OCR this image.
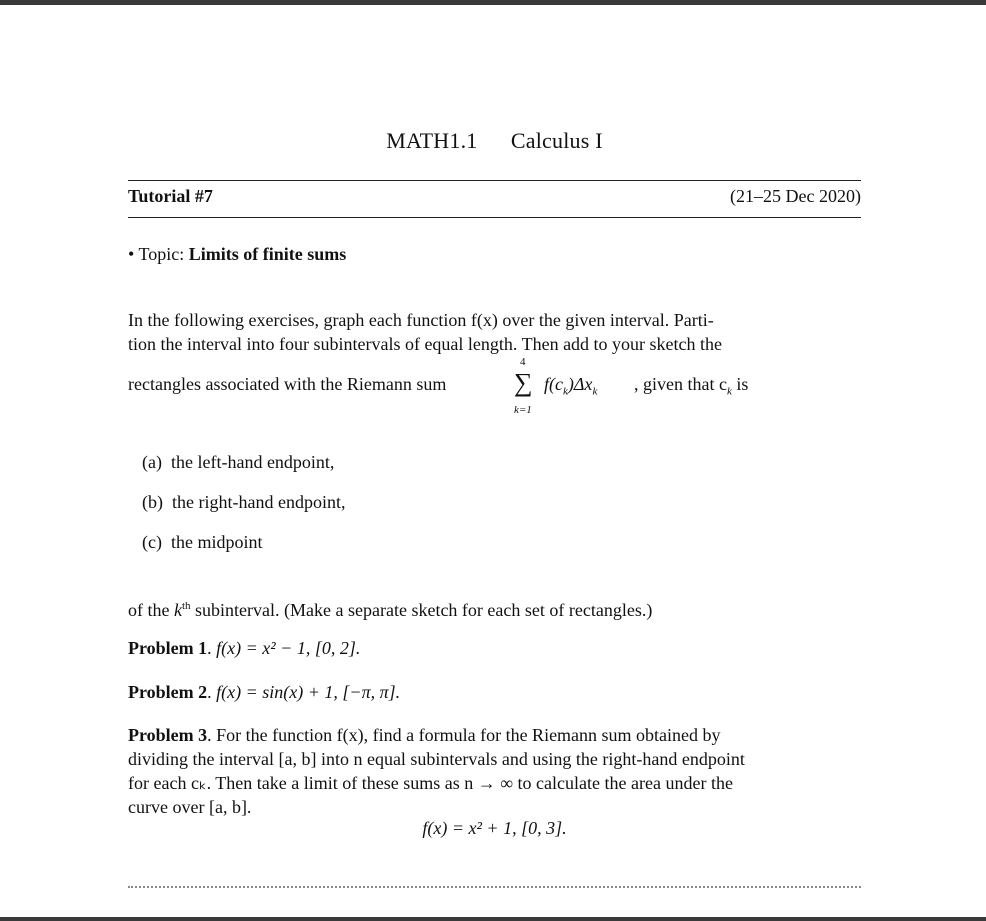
MATH1.1 Calculus I
Tutorial #7	(21–25 Dec 2020)
• Topic: Limits of finite sums
In the following exercises, graph each function f(x) over the given interval. Parti-
tion the interval into four subintervals of equal length. Then add to your sketch the
rectangles associated with the Riemann sum
4
∑
k=1
$f(c_k)\Delta x_k$ , given that $c_k$ is
(a) the left-hand endpoint,
(b) the right-hand endpoint,
(c) the midpoint
of the $k^{th}$ subinterval. (Make a separate sketch for each set of rectangles.)
Problem 1. f(x) = x² − 1, [0, 2].
Problem 2. f(x) = sin(x) + 1, [−π, π].
Problem 3. For the function f(x), find a formula for the Riemann sum obtained by
dividing the interval [a, b] into n equal subintervals and using the right-hand endpoint
for each cₖ. Then take a limit of these sums as n → ∞ to calculate the area under the
curve over [a, b].
f(x) = x² + 1, [0, 3].
